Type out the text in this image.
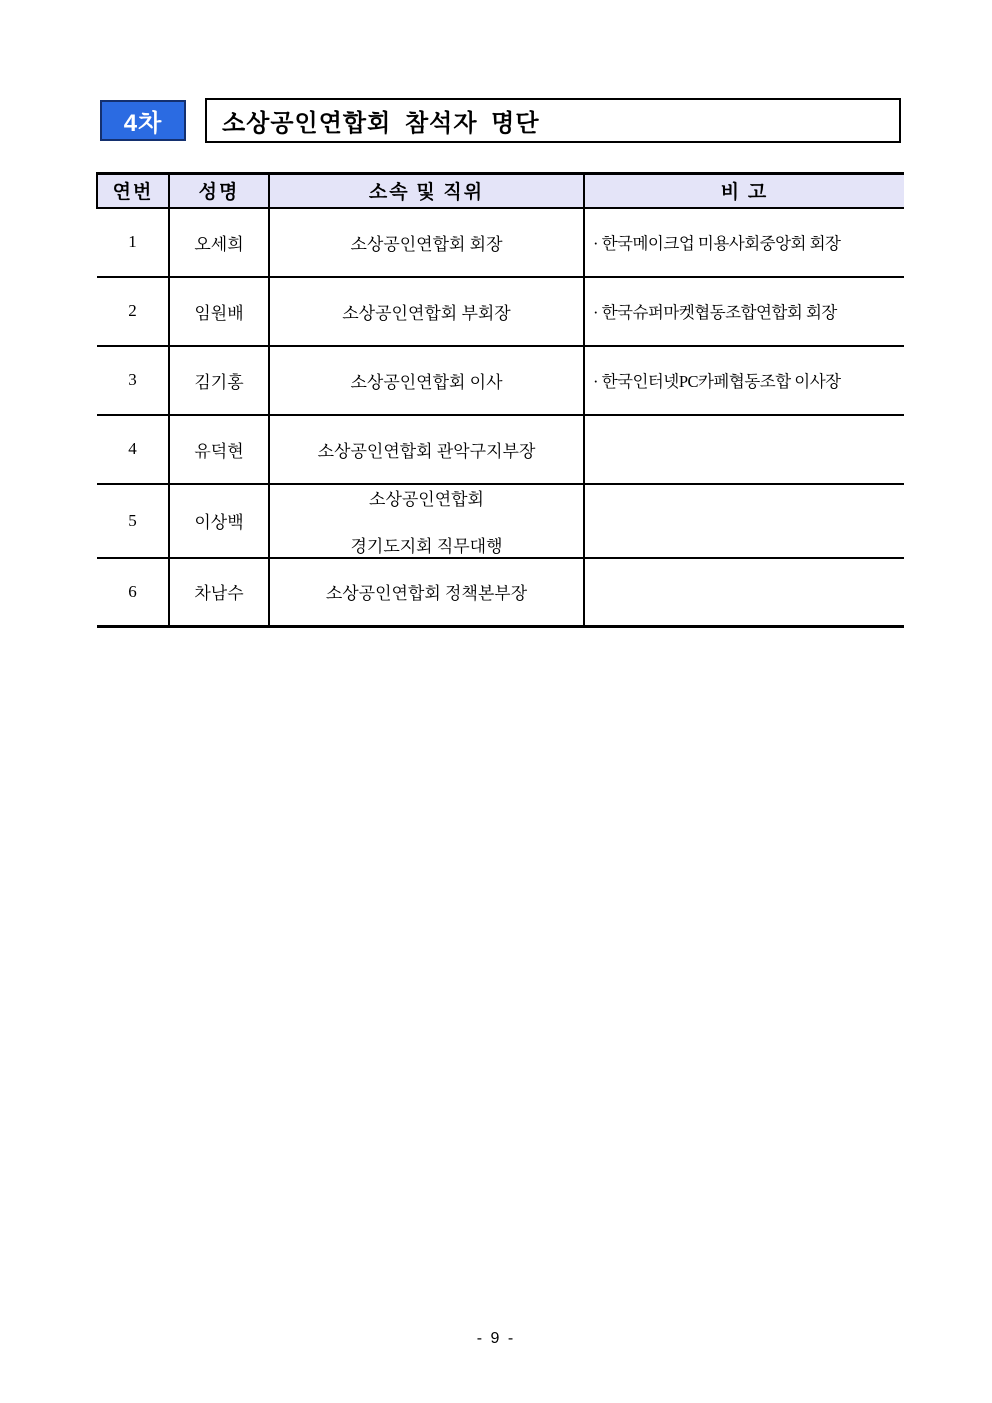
4차 소상공인연합회 참석자 명단
연번	성명	소속 및 직위	비 고
1	오세희	소상공인연합회 회장	· 한국메이크업 미용사회중앙회 회장
2	임원배	소상공인연합회 부회장	· 한국슈퍼마켓협동조합연합회 회장
3	김기홍	소상공인연합회 이사	· 한국인터넷PC카페협동조합 이사장
4	유덕현	소상공인연합회 관악구지부장	

5	이상백	소상공인연합회
경기도지회 직무대행	

6	차남수	소상공인연합회 정책본부장	

- 9 -
